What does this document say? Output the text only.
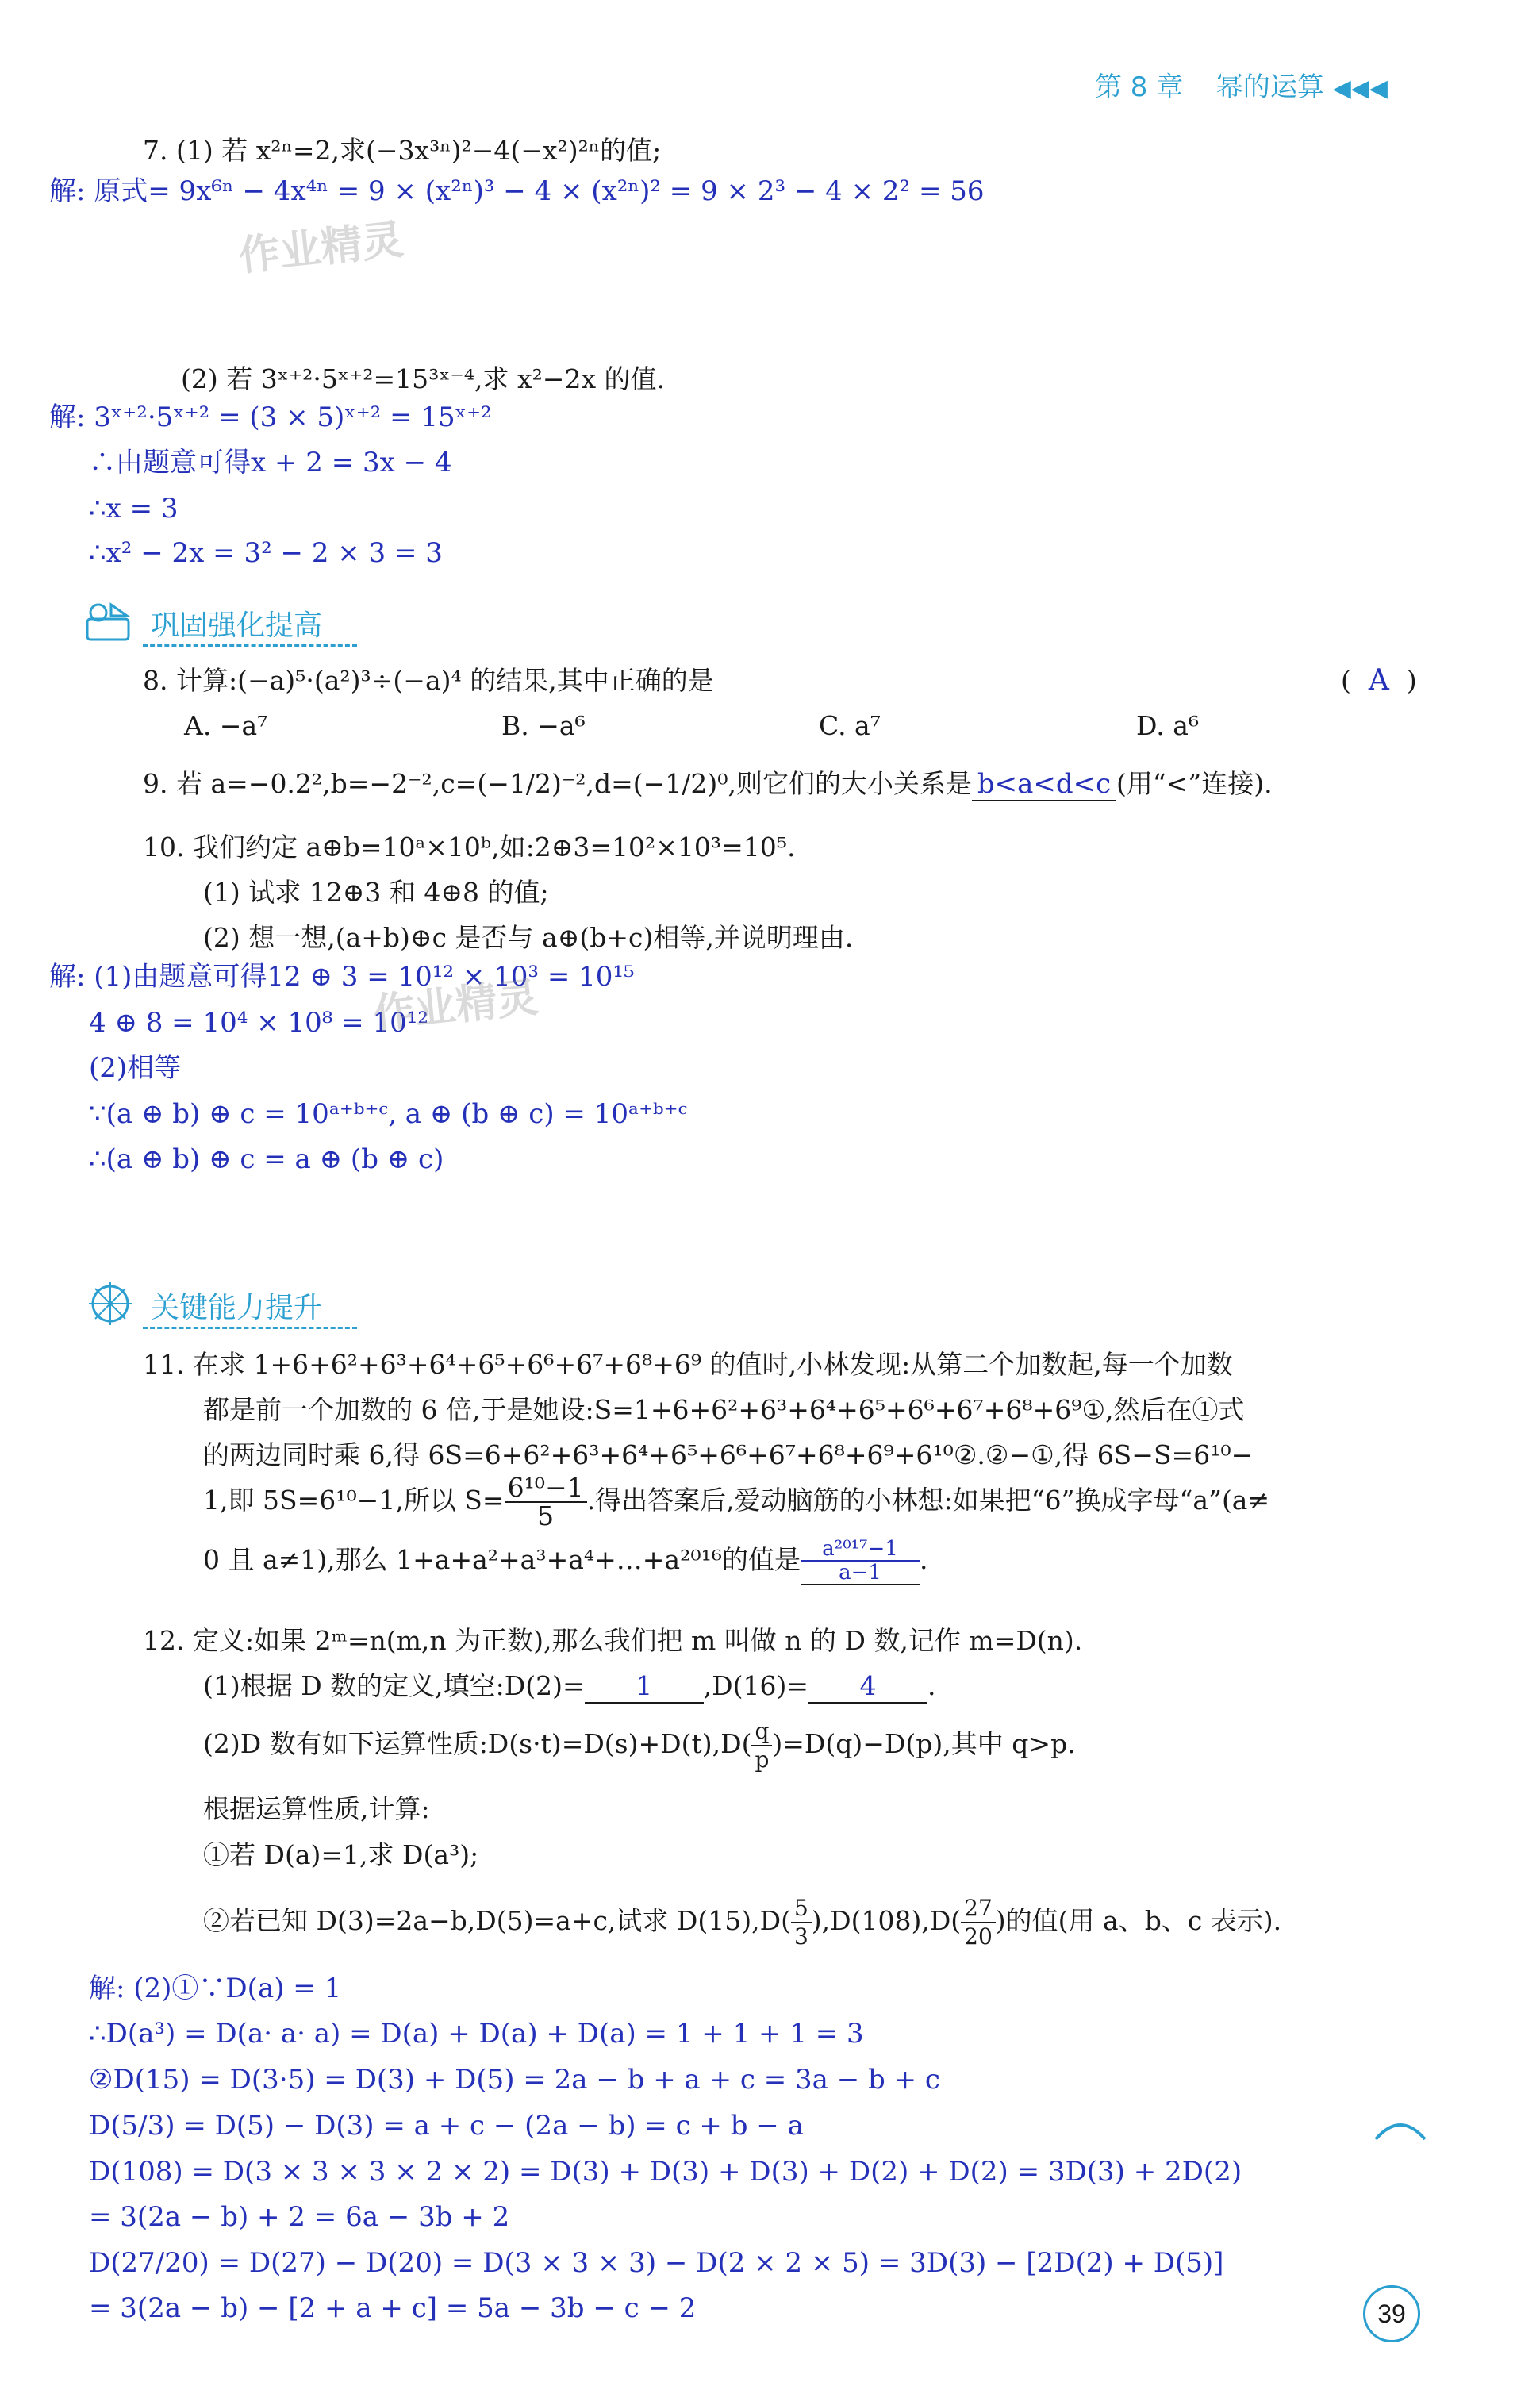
第 8 章 幂的运算 ◀◀◀
7. (1) 若 x²ⁿ=2,求(−3x³ⁿ)²−4(−x²)²ⁿ的值;
解: 原式= 9x⁶ⁿ − 4x⁴ⁿ = 9 × (x²ⁿ)³ − 4 × (x²ⁿ)² = 9 × 2³ − 4 × 2² = 56
作业精灵
(2) 若 3ˣ⁺²·5ˣ⁺²=15³ˣ⁻⁴,求 x²−2x 的值.
解: 3ˣ⁺²·5ˣ⁺² = (3 × 5)ˣ⁺² = 15ˣ⁺²
∴由题意可得x + 2 = 3x − 4
∴x = 3
∴x² − 2x = 3² − 2 × 3 = 3
巩固强化提高
8. 计算:(−a)⁵·(a²)³÷(−a)⁴ 的结果,其中正确的是	( A )
A. −a⁷	B. −a⁶	C. a⁷	D. a⁶
9. 若 a=−0.2²,b=−2⁻²,c=(−1/2)⁻²,d=(−1/2)⁰,则它们的大小关系是 b<a<d<c (用“<”连接).
10. 我们约定 a⊕b=10ᵃ×10ᵇ,如:2⊕3=10²×10³=10⁵.
(1) 试求 12⊕3 和 4⊕8 的值;
(2) 想一想,(a+b)⊕c 是否与 a⊕(b+c)相等,并说明理由.
解: (1)由题意可得12 ⊕ 3 = 10¹² × 10³ = 10¹⁵
4 ⊕ 8 = 10⁴ × 10⁸ = 10¹²
作业精灵
(2)相等
∵(a ⊕ b) ⊕ c = 10ᵃ⁺ᵇ⁺ᶜ, a ⊕ (b ⊕ c) = 10ᵃ⁺ᵇ⁺ᶜ
∴(a ⊕ b) ⊕ c = a ⊕ (b ⊕ c)
关键能力提升
11. 在求 1+6+6²+6³+6⁴+6⁵+6⁶+6⁷+6⁸+6⁹ 的值时,小林发现:从第二个加数起,每一个加数
都是前一个加数的 6 倍,于是她设:S=1+6+6²+6³+6⁴+6⁵+6⁶+6⁷+6⁸+6⁹①,然后在①式
的两边同时乘 6,得 6S=6+6²+6³+6⁴+6⁵+6⁶+6⁷+6⁸+6⁹+6¹⁰②.②−①,得 6S−S=6¹⁰−
1,即 5S=6¹⁰−1,所以 $S= \frac{\text{6¹⁰−1}}{5}$ .得出答案后,爱动脑筋的小林想:如果把“6”换成字母“a”(a≠
0 且 a≠1),那么 1+a+a²+a³+a⁴+…+a²⁰¹⁶的值是 $\frac{\text{a²⁰¹⁷−1}}{a-1}$ .
12. 定义:如果 2ᵐ=n(m,n 为正数),那么我们把 m 叫做 n 的 D 数,记作 m=D(n).
(1)根据 D 数的定义,填空:D(2)= 1 ,D(16)= 4 .
(2)D 数有如下运算性质:D(s·t)=D(s)+D(t),D( $\frac{q}{p} )=D(q)-D(p)$,其中 q>p.
根据运算性质,计算:
①若 D(a)=1,求 D(a³);
②若已知 D(3)=2a−b,D(5)=a+c,试求 $D(15),D( \frac{5}{3} ),D(108),D( \frac{27}{20}$ )的值(用 a、b、c 表示).
解: (2)①∵D(a) = 1
∴D(a³) = D(a· a· a) = D(a) + D(a) + D(a) = 1 + 1 + 1 = 3
②D(15) = D(3·5) = D(3) + D(5) = 2a − b + a + c = 3a − b + c
D(5/3) = D(5) − D(3) = a + c − (2a − b) = c + b − a
D(108) = D(3 × 3 × 3 × 2 × 2) = D(3) + D(3) + D(3) + D(2) + D(2) = 3D(3) + 2D(2)
= 3(2a − b) + 2 = 6a − 3b + 2
D(27/20) = D(27) − D(20) = D(3 × 3 × 3) − D(2 × 2 × 5) = 3D(3) − [2D(2) + D(5)]
= 3(2a − b) − [2 + a + c] = 5a − 3b − c − 2	39
